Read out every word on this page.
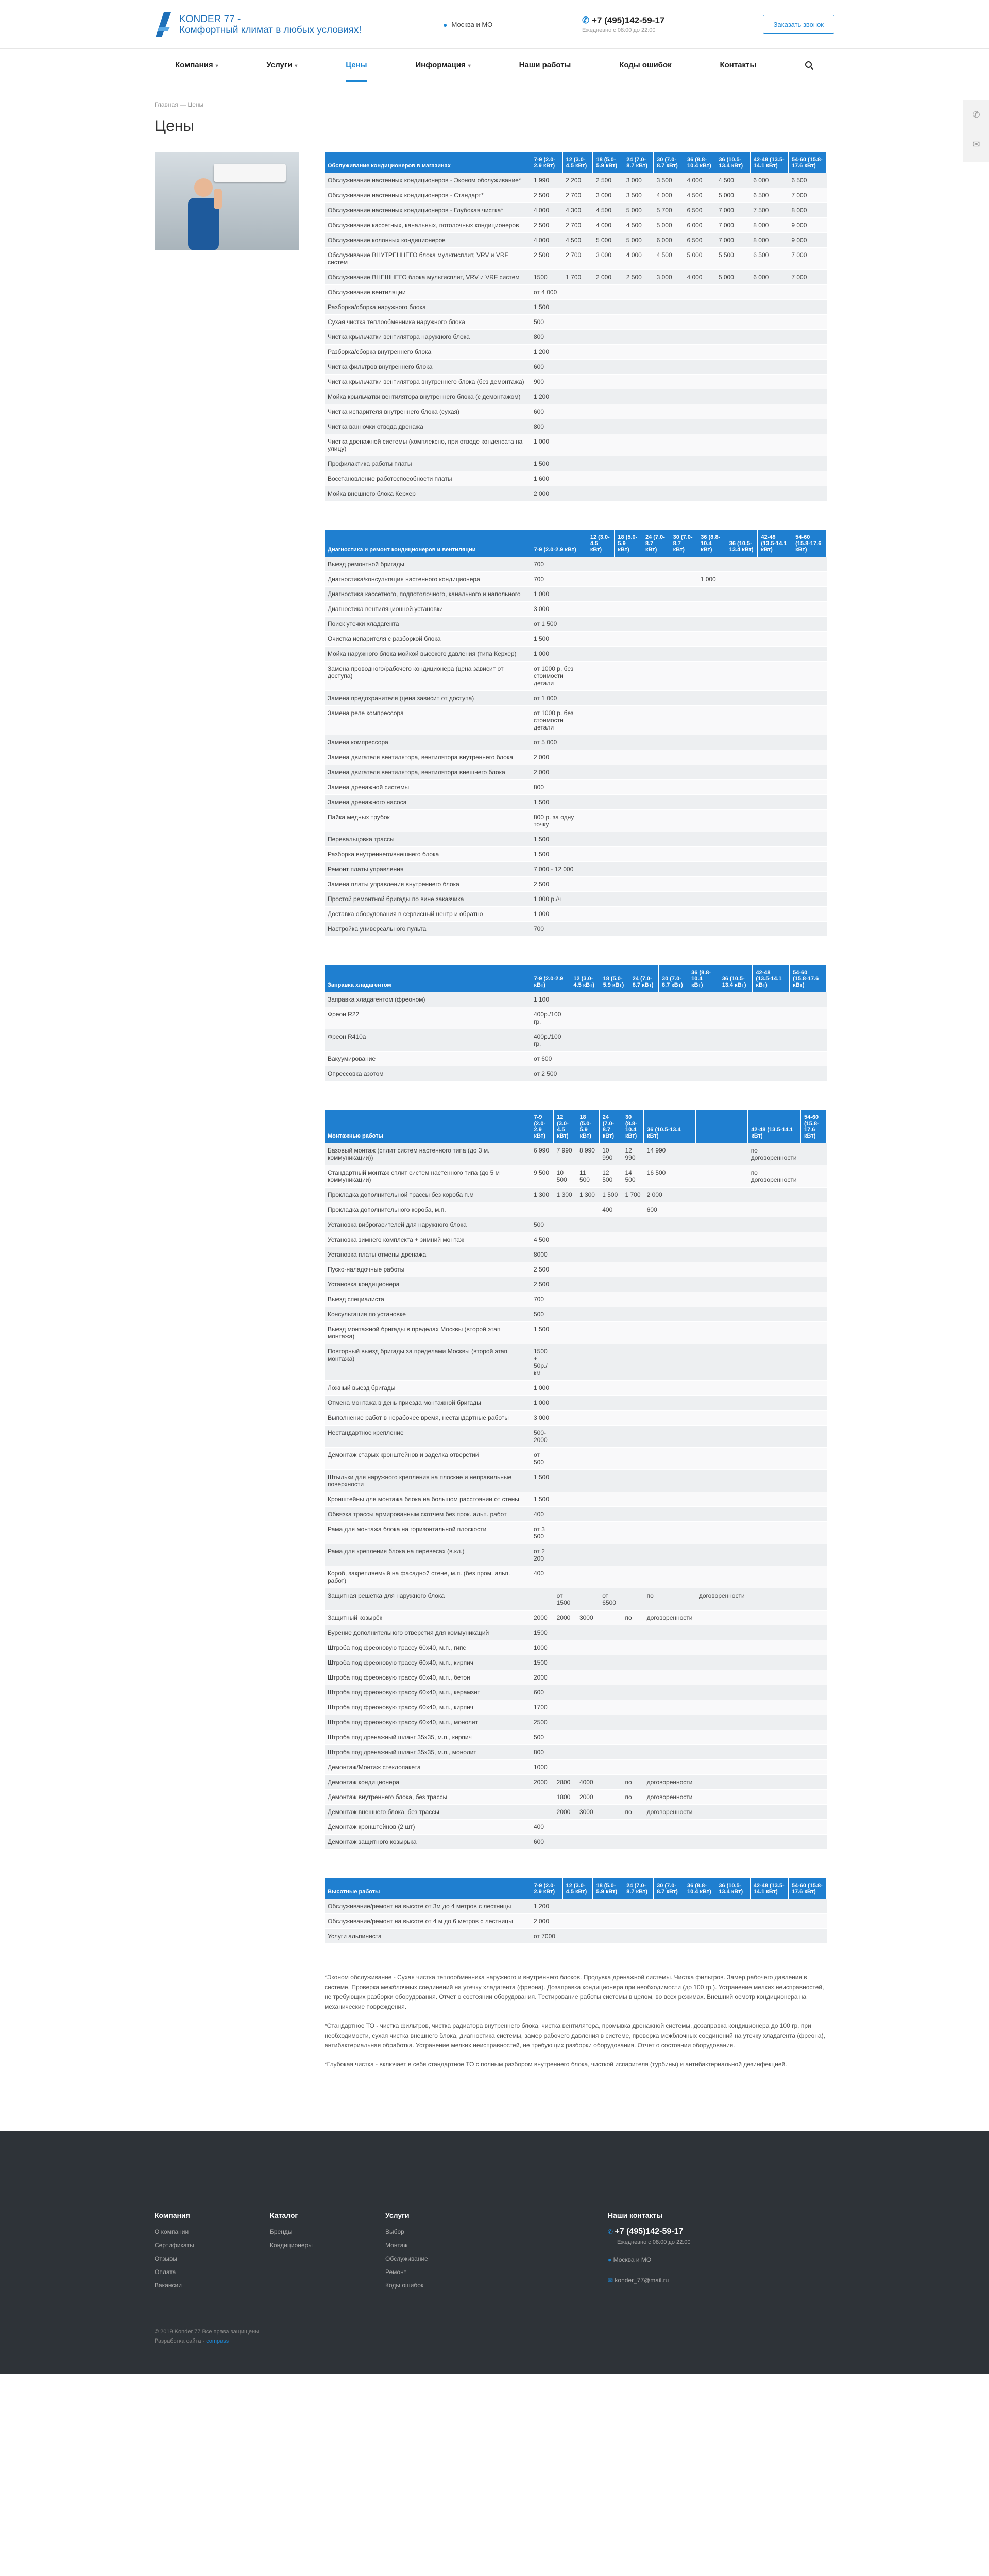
KONDER 77 -
Комфортный климат в любых условиях!	● Москва и МО	✆ +7 (495)142-59-17
Ежедневно с 08:00 до 22:00
Заказать звонок
Компания ▾	Услуги ▾	Цены	Информация ▾	Наши работы	Коды ошибок	Контакты
✆
✉
Главная — Цены
Цены
Обслуживание кондиционеров в магазинах	7-9 (2.0-2.9 кВт)	12 (3.0-4.5 кВт)	18 (5.0-5.9 кВт)	24 (7.0-8.7 кВт)	30 (7.0-8.7 кВт)	36 (8.8-10.4 кВт)	36 (10.5-13.4 кВт)	42-48 (13.5-14.1 кВт)	54-60 (15.8-17.6 кВт)
Обслуживание настенных кондиционеров - Эконом обслуживание*	1 990	2 200	2 500	3 000	3 500	4 000	4 500	6 000	6 500
Обслуживание настенных кондиционеров - Стандарт*	2 500	2 700	3 000	3 500	4 000	4 500	5 000	6 500	7 000
Обслуживание настенных кондиционеров - Глубокая чистка*	4 000	4 300	4 500	5 000	5 700	6 500	7 000	7 500	8 000
Обслуживание кассетных, канальных, потолочных кондиционеров	2 500	2 700	4 000	4 500	5 000	6 000	7 000	8 000	9 000
Обслуживание колонных кондиционеров	4 000	4 500	5 000	5 000	6 000	6 500	7 000	8 000	9 000
Обслуживание ВНУТРЕННЕГО блока мультисплит, VRV и VRF систем	2 500	2 700	3 000	4 000	4 500	5 000	5 500	6 500	7 000
Обслуживание ВНЕШНЕГО блока мультисплит, VRV и VRF систем	1500	1 700	2 000	2 500	3 000	4 000	5 000	6 000	7 000
Обслуживание вентиляции	от 4 000								
Разборка/сборка наружного блока	1 500								
Сухая чистка теплообменника наружного блока	500								
Чистка крыльчатки вентилятора наружного блока	800								
Разборка/сборка внутреннего блока	1 200								
Чистка фильтров внутреннего блока	600								
Чистка крыльчатки вентилятора внутреннего блока (без демонтажа)	900								
Мойка крыльчатки вентилятора внутреннего блока (с демонтажом)	1 200								
Чистка испарителя внутреннего блока (сухая)	600								
Чистка ванночки отвода дренажа	800								
Чистка дренажной системы (комплексно, при отводе конденсата на улицу)	1 000								
Профилактика работы платы	1 500								
Восстановление работоспособности платы	1 600								
Мойка внешнего блока Керхер	2 000								
Диагностика и ремонт кондиционеров и вентиляции	7-9 (2.0-2.9 кВт)	12 (3.0-4.5 кВт)	18 (5.0-5.9 кВт)	24 (7.0-8.7 кВт)	30 (7.0-8.7 кВт)	36 (8.8-10.4 кВт)	36 (10.5-13.4 кВт)	42-48 (13.5-14.1 кВт)	54-60 (15.8-17.6 кВт)
Выезд ремонтной бригады	700								
Диагностика/консультация настенного кондиционера	700					1 000			
Диагностика кассетного, подпотолочного, канального и напольного	1 000								
Диагностика вентиляционной установки	3 000								
Поиск утечки хладагента	от 1 500								
Очистка испарителя с разборкой блока	1 500								
Мойка наружного блока мойкой высокого давления (типа Керхер)	1 000								
Замена проводного/рабочего кондиционера (цена зависит от доступа)	от 1000 р. без стоимости детали								
Замена предохранителя (цена зависит от доступа)	от 1 000								
Замена реле компрессора	от 1000 р. без стоимости детали								
Замена компрессора	от 5 000								
Замена двигателя вентилятора, вентилятора внутреннего блока	2 000								
Замена двигателя вентилятора, вентилятора внешнего блока	2 000								
Замена дренажной системы	800								
Замена дренажного насоса	1 500								
Пайка медных трубок	800 р. за одну точку								
Перевальцовка трассы	1 500								
Разборка внутреннего/внешнего блока	1 500								
Ремонт платы управления	7 000 - 12 000								
Замена платы управления внутреннего блока	2 500								
Простой ремонтной бригады по вине заказчика	1 000 р./ч								
Доставка оборудования в сервисный центр и обратно	1 000								
Настройка универсального пульта	700								
Заправка хладагентом	7-9 (2.0-2.9 кВт)	12 (3.0-4.5 кВт)	18 (5.0-5.9 кВт)	24 (7.0-8.7 кВт)	30 (7.0-8.7 кВт)	36 (8.8-10.4 кВт)	36 (10.5-13.4 кВт)	42-48 (13.5-14.1 кВт)	54-60 (15.8-17.6 кВт)
Заправка хладагентом (фреоном)	1 100								
Фреон R22	400р./100 гр.								
Фреон R410a	400р./100 гр.								
Вакуумирование	от 600								
Опрессовка азотом	от 2 500								
Монтажные работы	7-9 (2.0-2.9 кВт)	12 (3.0-4.5 кВт)	18 (5.0-5.9 кВт)	24 (7.0-8.7 кВт)	30 (8.8-10.4 кВт)	36 (10.5-13.4 кВт)		42-48 (13.5-14.1 кВт)	54-60 (15.8-17.6 кВт)
Базовый монтаж (сплит систем настенного типа (до 3 м. коммуникации))	6 990	7 990	8 990	10 990	12 990	14 990		по договоренности	
Стандартный монтаж сплит систем настенного типа (до 5 м коммуникации)	9 500	10 500	11 500	12 500	14 500	16 500		по договоренности	
Прокладка дополнительной трассы без короба п.м	1 300	1 300	1 300	1 500	1 700	2 000			
Прокладка дополнительного короба, м.п.				400		600			
Установка виброгасителей для наружного блока	500								
Установка зимнего комплекта + зимний монтаж	4 500								
Установка платы отмены дренажа	8000								
Пуско-наладочные работы	2 500								
Установка кондиционера	2 500								
Выезд специалиста	700								
Консультация по установке	500								
Выезд монтажной бригады в пределах Москвы (второй этап монтажа)	1 500								
Повторный выезд бригады за пределами Москвы (второй этап монтажа)	1500 + 50р./км								
Ложный выезд бригады	1 000								
Отмена монтажа в день приезда монтажной бригады	1 000								
Выполнение работ в нерабочее время, нестандартные работы	3 000								
Нестандартное крепление	500-2000								
Демонтаж старых кронштейнов и заделка отверстий	от 500								
Штыльки для наружного крепления на плоские и неправильные поверхности	1 500								
Кронштейны для монтажа блока на большом расстоянии от стены	1 500								
Обвязка трассы армированным скотчем без прок. альп. работ	400								
Рама для монтажа блока на горизонтальной плоскости	от 3 500								
Рама для крепления блока на перевесах (в.кл.)	от 2 200								
Короб, закрепляемый на фасадной стене, м.п. (без пром. альп. работ)	400								
Защитная решетка для наружного блока		от 1500		от 6500		по	договоренности		
Защитный козырёк	2000	2000	3000		по	договоренности			
Бурение дополнительного отверстия для коммуникаций	1500								
Штроба под фреоновую трассу 60х40, м.п., гипс	1000								
Штроба под фреоновую трассу 60х40, м.п., кирпич	1500								
Штроба под фреоновую трассу 60х40, м.п., бетон	2000								
Штроба под фреоновую трассу 60х40, м.п., керамзит	600								
Штроба под фреоновую трассу 60х40, м.п., кирпич	1700								
Штроба под фреоновую трассу 60х40, м.п., монолит	2500								
Штроба под дренажный шланг 35х35, м.п., кирпич	500								
Штроба под дренажный шланг 35х35, м.п., монолит	800								
Демонтаж/Монтаж стеклопакета	1000								
Демонтаж кондиционера	2000	2800	4000		по	договоренности			
Демонтаж внутреннего блока, без трассы		1800	2000		по	договоренности			
Демонтаж внешнего блока, без трассы		2000	3000		по	договоренности			
Демонтаж кронштейнов (2 шт)	400								
Демонтаж защитного козырька	600								
Высотные работы	7-9 (2.0-2.9 кВт)	12 (3.0-4.5 кВт)	18 (5.0-5.9 кВт)	24 (7.0-8.7 кВт)	30 (7.0-8.7 кВт)	36 (8.8-10.4 кВт)	36 (10.5-13.4 кВт)	42-48 (13.5-14.1 кВт)	54-60 (15.8-17.6 кВт)
Обслуживание/ремонт на высоте от 3м до 4 метров с лестницы	1 200								
Обслуживание/ремонт на высоте от 4 м до 6 метров с лестницы	2 000								
Услуги альпиниста	от 7000								

*Эконом обслуживание - Сухая чистка теплообменника наружного и внутреннего блоков. Продувка дренажной системы. Чистка фильтров. Замер рабочего давления в системе. Проверка межблочных соединений на утечку хладагента (фреона). Дозаправка кондиционера при необходимости (до 100 гр.). Устранение мелких неисправностей, не требующих разборки оборудования. Отчет о состоянии оборудования. Тестирование работы системы в целом, во всех режимах. Внешний осмотр кондиционера на механические повреждения.

*Стандартное ТО - чистка фильтров, чистка радиатора внутреннего блока, чистка вентилятора, промывка дренажной системы, дозаправка кондиционера до 100 гр. при необходимости, сухая чистка внешнего блока, диагностика системы, замер рабочего давления в системе, проверка межблочных соединений на утечку хладагента (фреона), антибактериальная обработка. Устранение мелких неисправностей, не требующих разборки оборудования. Отчет о состоянии оборудования.

*Глубокая чистка - включает в себя стандартное ТО с полным разбором внутреннего блока, чисткой испарителя (турбины) и антибактериальной дезинфекцией.

Компания
О компании
Сертификаты
Отзывы
Оплата
Вакансии
Каталог
Бренды
Кондиционеры
Услуги
Выбор
Монтаж
Обслуживание
Ремонт
Коды ошибок
Наши контакты
✆ +7 (495)142-59-17
Ежедневно с 08:00 до 22:00
● Москва и МО
✉ konder_77@mail.ru
© 2019 Konder 77 Все права защищены
Разработка сайта - compass
